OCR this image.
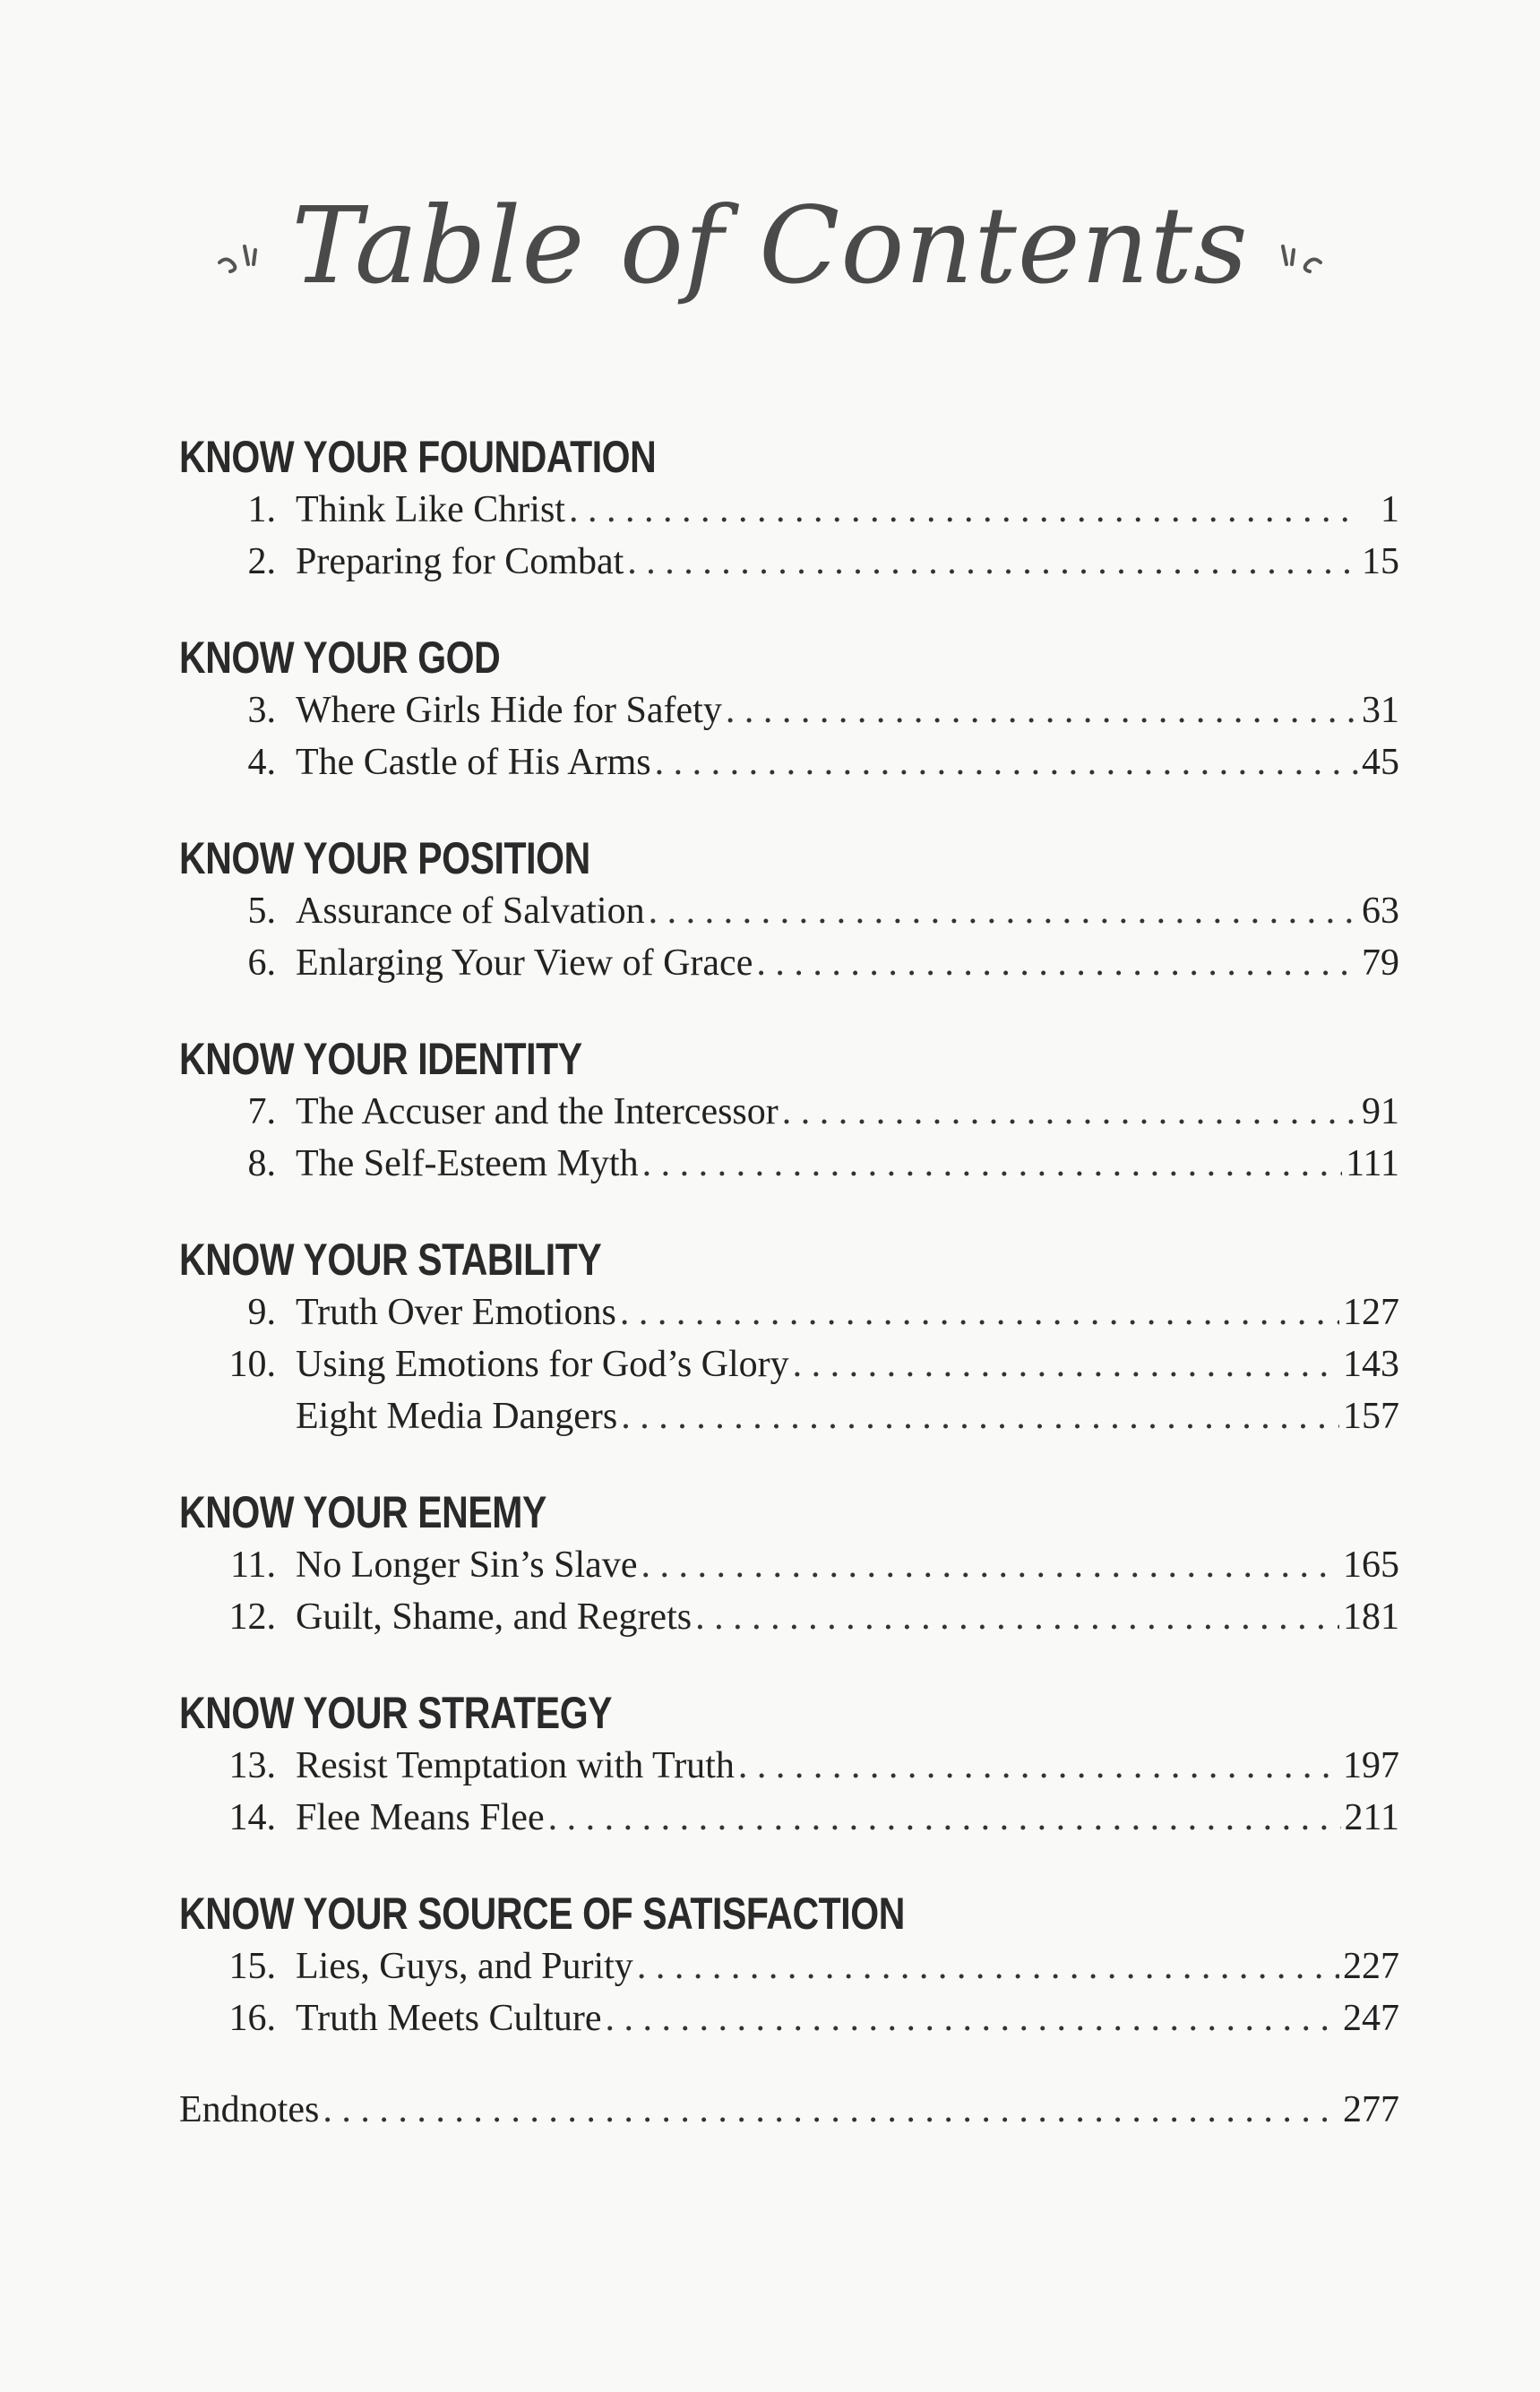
Table of Contents
KNOW YOUR FOUNDATION
1. Think Like Christ . . .	1
2. Preparing for Combat . . .	15
KNOW YOUR GOD
3. Where Girls Hide for Safety . . .	31
4. The Castle of His Arms . . .	45
KNOW YOUR POSITION
5. Assurance of Salvation . . .	63
6. Enlarging Your View of Grace . . .	79
KNOW YOUR IDENTITY
7. The Accuser and the Intercessor . . .	91
8. The Self-Esteem Myth . . .	111
KNOW YOUR STABILITY
9. Truth Over Emotions . . .	127
10. Using Emotions for God’s Glory . . .	143
Eight Media Dangers . . .	157
KNOW YOUR ENEMY
11. No Longer Sin’s Slave . . .	165
12. Guilt, Shame, and Regrets . . .	181
KNOW YOUR STRATEGY
13. Resist Temptation with Truth . . .	197
14. Flee Means Flee . . .	211
KNOW YOUR SOURCE OF SATISFACTION
15. Lies, Guys, and Purity . . .	227
16. Truth Meets Culture . . .	247
Endnotes . . .	277
